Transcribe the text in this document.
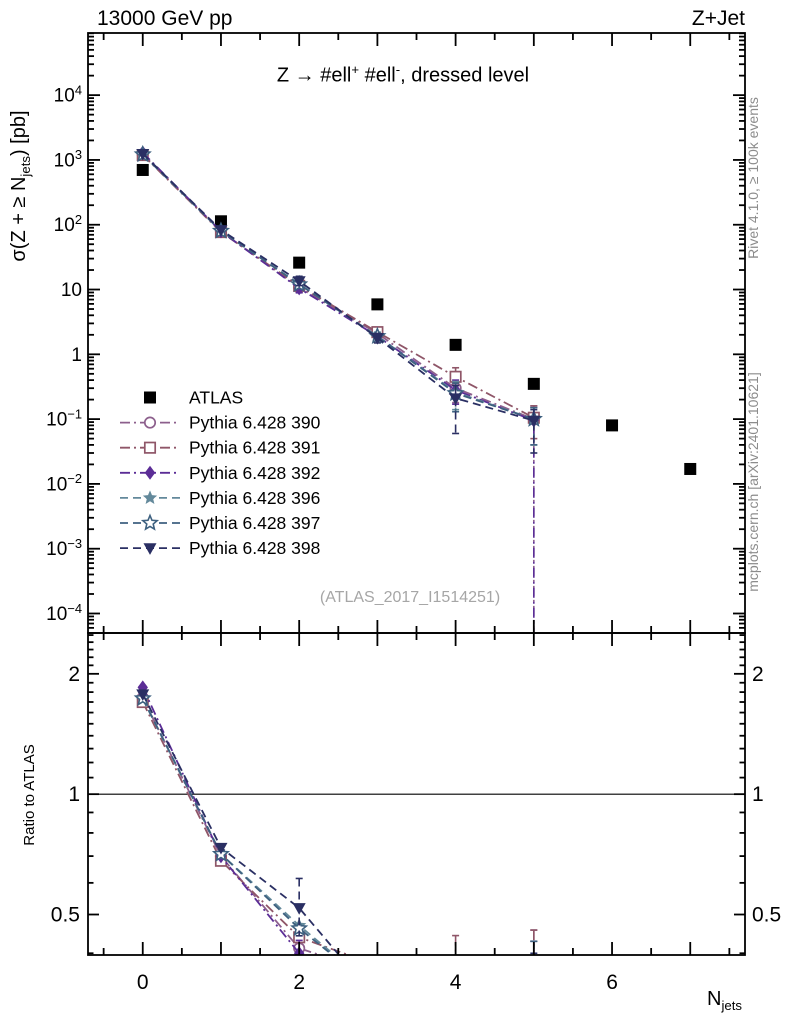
13000 GeV pp	Z+Jet
$10^4$
$10^3$
$10^2$
10
1
$10^{-1}$
$10^{-2}$
$10^{-3}$
$10^{-4}$
2	2
1	1
0.5	0.5
0	2	4	6
ATLAS
Pythia 6.428 390
Pythia 6.428 391
Pythia 6.428 392
Pythia 6.428 396
Pythia 6.428 397
Pythia 6.428 398
Z → #ell+ #ell-, dressed level
σ(Z + ≥ $N_{jets}$) [pb]
Ratio to ATLAS
Rivet 4.1.0, ≥ 100k events
mcplots.cern.ch [arXiv:2401.10621]
(ATLAS_2017_I1514251)
$N_{jets}$
